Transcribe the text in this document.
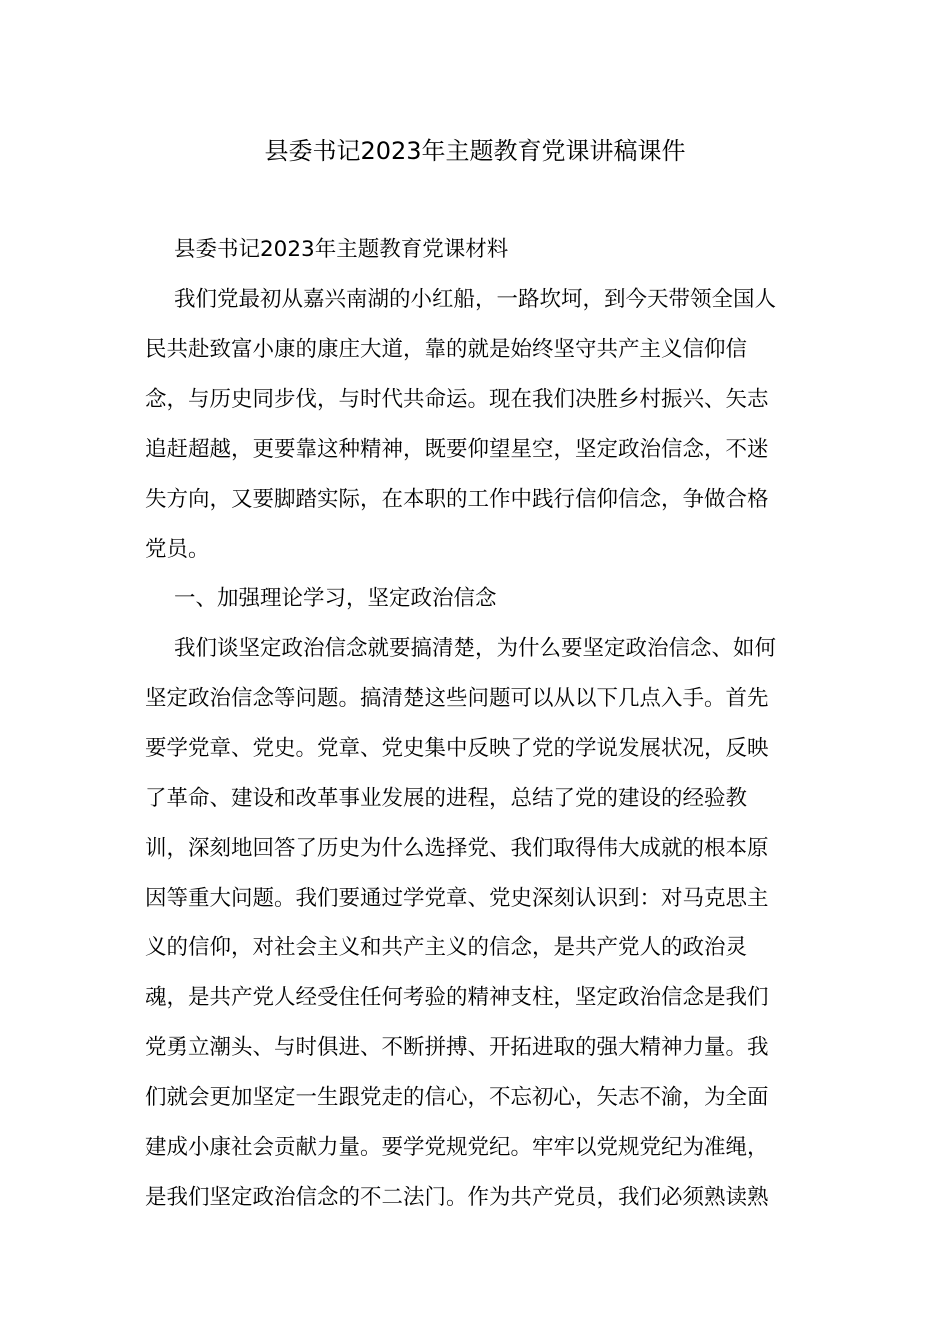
县委书记2023年主题教育党课讲稿课件
县委书记2023年主题教育党课材料
我们党最初从嘉兴南湖的小红船，一路坎坷，到今天带领全国人
民共赴致富小康的康庄大道，靠的就是始终坚守共产主义信仰信
念，与历史同步伐，与时代共命运。现在我们决胜乡村振兴、矢志
追赶超越，更要靠这种精神，既要仰望星空，坚定政治信念，不迷
失方向，又要脚踏实际，在本职的工作中践行信仰信念，争做合格
党员。
一、加强理论学习，坚定政治信念
我们谈坚定政治信念就要搞清楚，为什么要坚定政治信念、如何
坚定政治信念等问题。搞清楚这些问题可以从以下几点入手。首先
要学党章、党史。党章、党史集中反映了党的学说发展状况，反映
了革命、建设和改革事业发展的进程，总结了党的建设的经验教
训，深刻地回答了历史为什么选择党、我们取得伟大成就的根本原
因等重大问题。我们要通过学党章、党史深刻认识到：对马克思主
义的信仰，对社会主义和共产主义的信念，是共产党人的政治灵
魂，是共产党人经受住任何考验的精神支柱，坚定政治信念是我们
党勇立潮头、与时俱进、不断拼搏、开拓进取的强大精神力量。我
们就会更加坚定一生跟党走的信心，不忘初心，矢志不渝，为全面
建成小康社会贡献力量。要学党规党纪。牢牢以党规党纪为准绳，
是我们坚定政治信念的不二法门。作为共产党员，我们必须熟读熟
